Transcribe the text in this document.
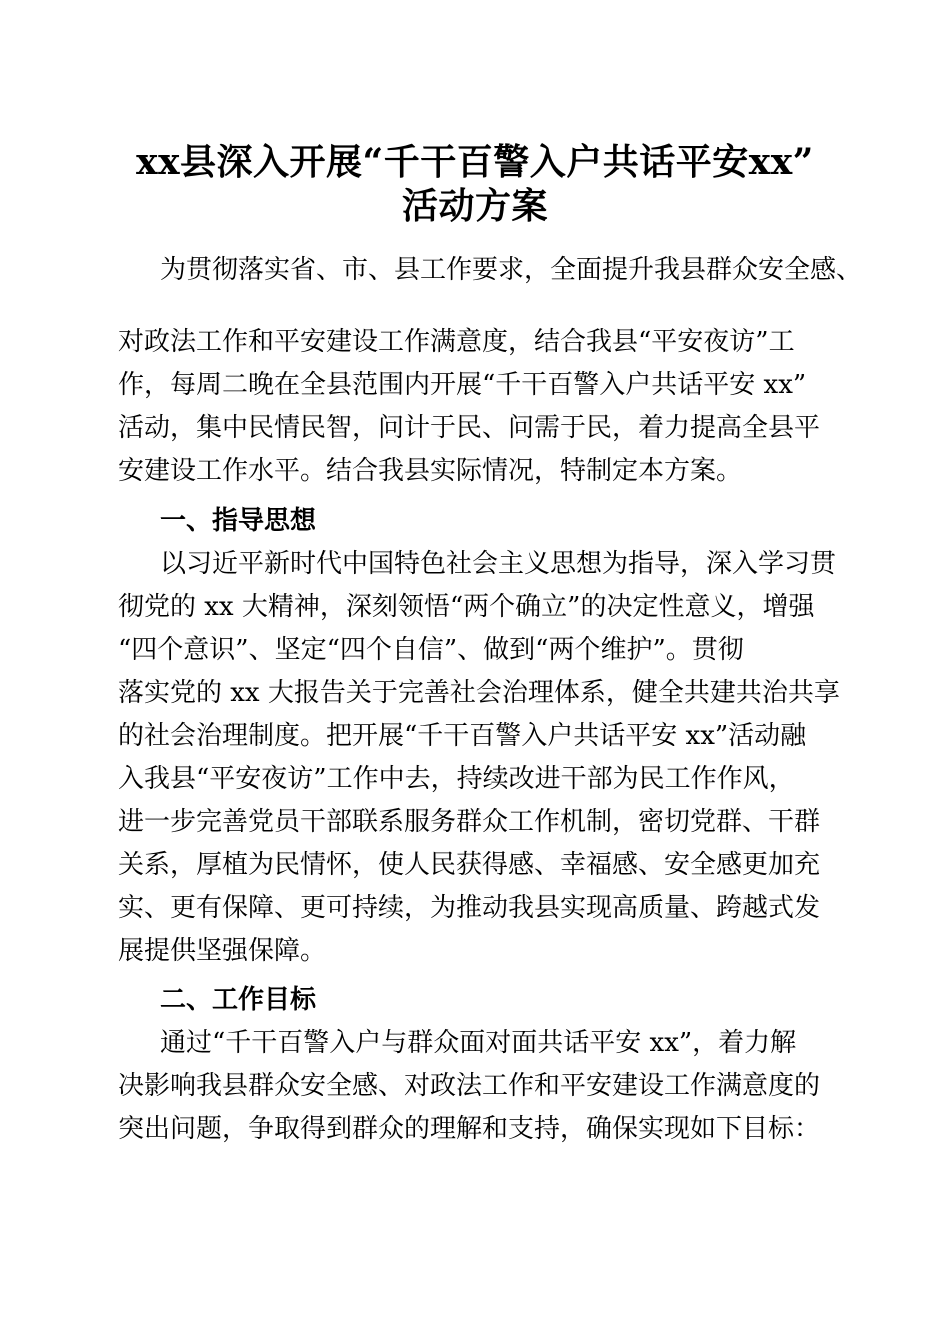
xx县深入开展“千干百警入户共话平安xx”
活动方案
为贯彻落实省、市、县工作要求，全面提升我县群众安全感、
对政法工作和平安建设工作满意度，结合我县“平安夜访”工
作，每周二晚在全县范围内开展“千干百警入户共话平安 xx”
活动，集中民情民智，问计于民、问需于民，着力提高全县平
安建设工作水平。结合我县实际情况，特制定本方案。
一、指导思想
以习近平新时代中国特色社会主义思想为指导，深入学习贯
彻党的 xx 大精神，深刻领悟“两个确立”的决定性意义，增强
“四个意识”、坚定“四个自信”、做到“两个维护”。贯彻
落实党的 xx 大报告关于完善社会治理体系，健全共建共治共享
的社会治理制度。把开展“千干百警入户共话平安 xx”活动融
入我县“平安夜访”工作中去，持续改进干部为民工作作风，
进一步完善党员干部联系服务群众工作机制，密切党群、干群
关系，厚植为民情怀，使人民获得感、幸福感、安全感更加充
实、更有保障、更可持续，为推动我县实现高质量、跨越式发
展提供坚强保障。
二、工作目标
通过“千干百警入户与群众面对面共话平安 xx”，着力解
决影响我县群众安全感、对政法工作和平安建设工作满意度的
突出问题，争取得到群众的理解和支持，确保实现如下目标：
